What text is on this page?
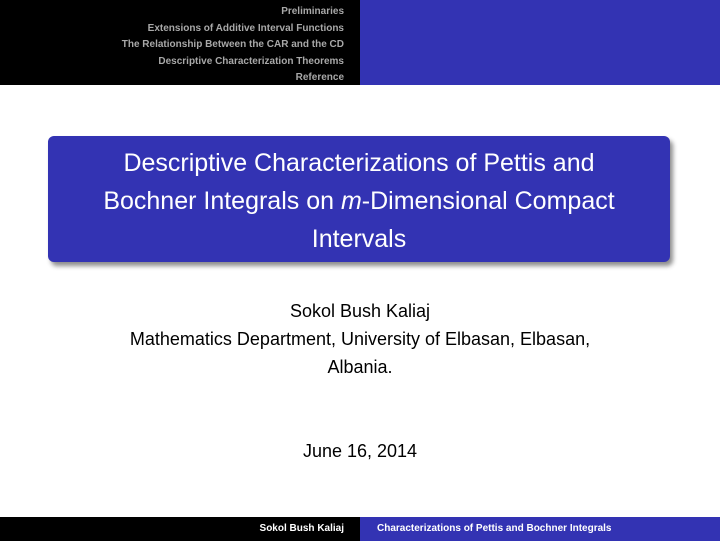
Preliminaries
Extensions of Additive Interval Functions
The Relationship Between the CAR and the CD
Descriptive Characterization Theorems
Reference
Descriptive Characterizations of Pettis and
Bochner Integrals on m-Dimensional Compact
Intervals
Sokol Bush Kaliaj
Mathematics Department, University of Elbasan, Elbasan,
Albania.
June 16, 2014
Sokol Bush Kaliaj	Characterizations of Pettis and Bochner Integrals
